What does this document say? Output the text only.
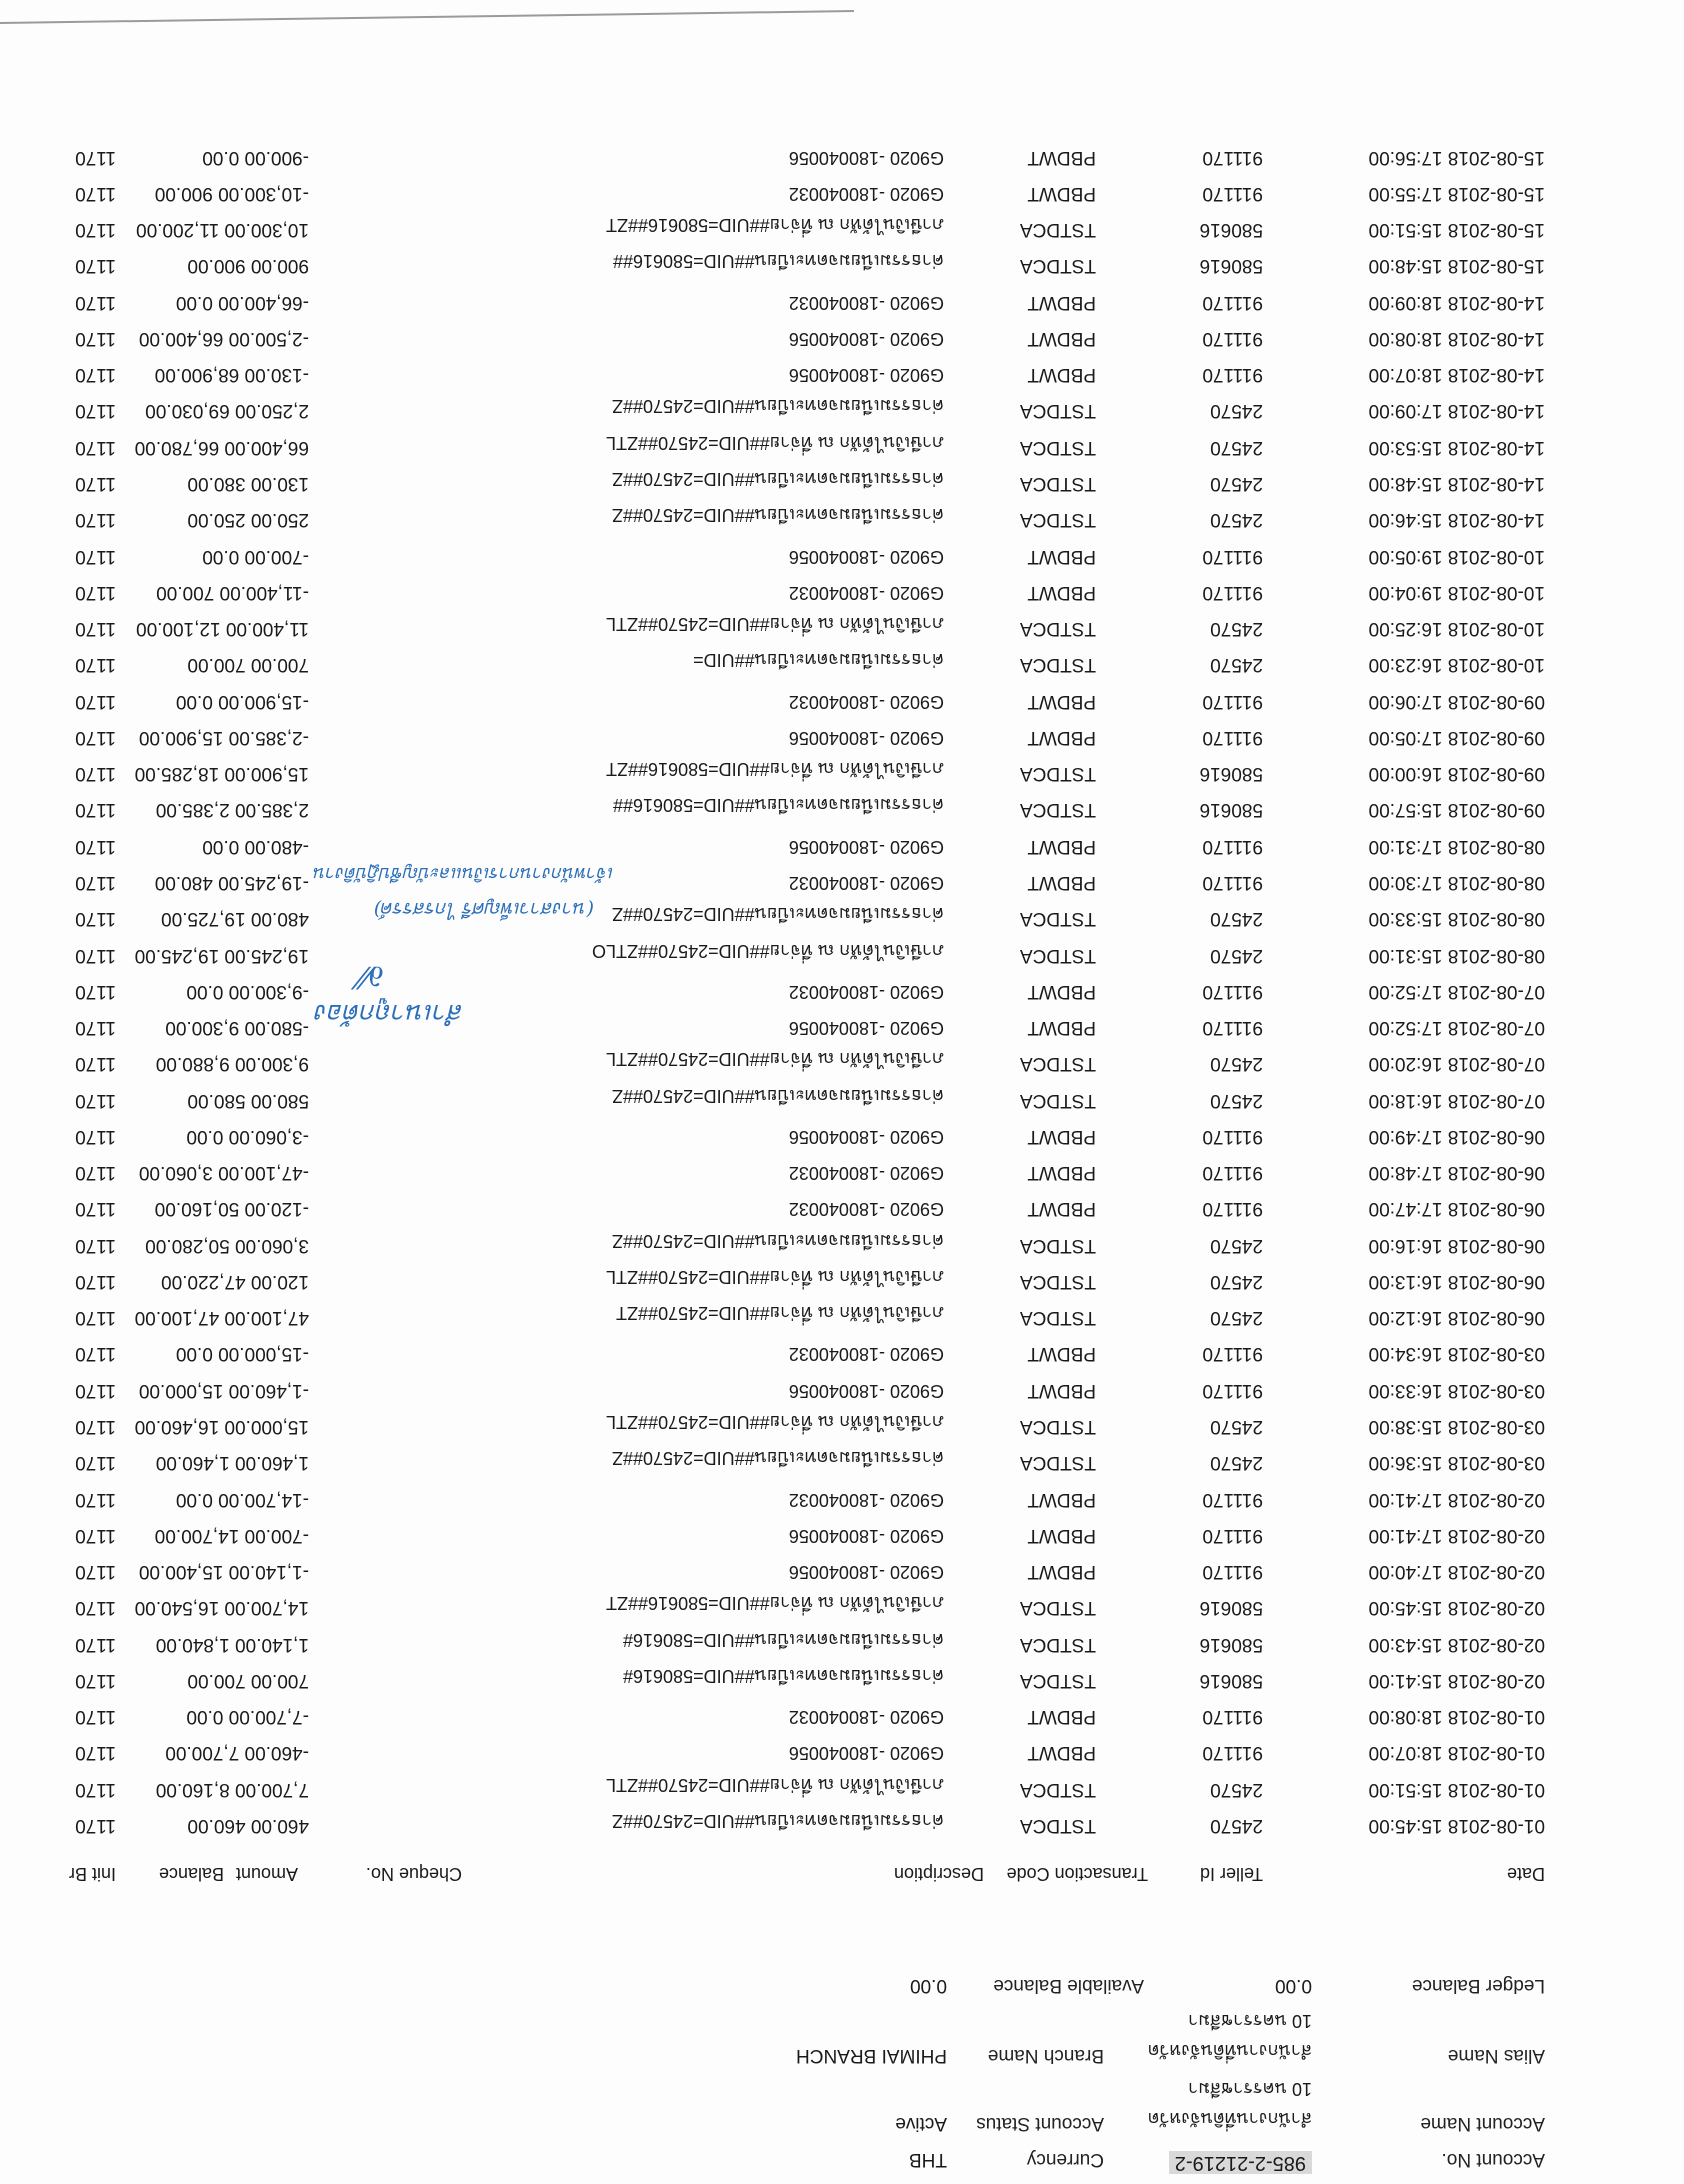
Account No.
985-2-21219-2
Currency
THB
Account Name
สำนักงานที่ดินจังหวัด
10 นครราชสีมา
Account Status
Active
Alias Name
สำนักงานที่ดินจังหวัด
10 นครราชสีมา
Branch Name
PHIMAI BRANCH
Ledger Balance
0.00
Available Balance
0.00
Date
Teller Id
Transaction Code
Description
Cheque No.
Amount
Balance
Init Br
01-08-2018 15:45:00
24570
TSTDCA
ค่าธรรมเนียมจดทะเบียน##UID=24570##Z
460.00 460.00
1170
01-08-2018 15:51:00
24570
TSTDCA
ภาษีเงินได้หัก ณ ที่จ่าย##UID=24570##ZTL
7,700.00 8,160.00
1170
01-08-2018 18:07:00
911170
PBDWT
G9020 -180040056
-460.00 7,700.00
1170
01-08-2018 18:08:00
911170
PBDWT
G9020 -180040032
-7,700.00 0.00
1170
02-08-2018 15:41:00
580616
TSTDCA
ค่าธรรมเนียมจดทะเบียน##UID=580616#
700.00 700.00
1170
02-08-2018 15:43:00
580616
TSTDCA
ค่าธรรมเนียมจดทะเบียน##UID=580616#
1,140.00 1,840.00
1170
02-08-2018 15:45:00
580616
TSTDCA
ภาษีเงินได้หัก ณ ที่จ่าย##UID=580616##ZT
14,700.00 16,540.00
1170
02-08-2018 17:40:00
911170
PBDWT
G9020 -180040056
-1,140.00 15,400.00
1170
02-08-2018 17:41:00
911170
PBDWT
G9020 -180040056
-700.00 14,700.00
1170
02-08-2018 17:41:00
911170
PBDWT
G9020 -180040032
-14,700.00 0.00
1170
03-08-2018 15:36:00
24570
TSTDCA
ค่าธรรมเนียมจดทะเบียน##UID=24570##Z
1,460.00 1,460.00
1170
03-08-2018 15:38:00
24570
TSTDCA
ภาษีเงินได้หัก ณ ที่จ่าย##UID=24570##ZTL
15,000.00 16,460.00
1170
03-08-2018 16:33:00
911170
PBDWT
G9020 -180040056
-1,460.00 15,000.00
1170
03-08-2018 16:34:00
911170
PBDWT
G9020 -180040032
-15,000.00 0.00
1170
06-08-2018 16:12:00
24570
TSTDCA
ภาษีเงินได้หัก ณ ที่จ่าย##UID=24570##ZT
47,100.00 47,100.00
1170
06-08-2018 16:13:00
24570
TSTDCA
ภาษีเงินได้หัก ณ ที่จ่าย##UID=24570##ZTL
120.00 47,220.00
1170
06-08-2018 16:16:00
24570
TSTDCA
ค่าธรรมเนียมจดทะเบียน##UID=24570##Z
3,060.00 50,280.00
1170
06-08-2018 17:47:00
911170
PBDWT
G9020 -180040032
-120.00 50,160.00
1170
06-08-2018 17:48:00
911170
PBDWT
G9020 -180040032
-47,100.00 3,060.00
1170
06-08-2018 17:49:00
911170
PBDWT
G9020 -180040056
-3,060.00 0.00
1170
07-08-2018 16:18:00
24570
TSTDCA
ค่าธรรมเนียมจดทะเบียน##UID=24570##Z
580.00 580.00
1170
07-08-2018 16:20:00
24570
TSTDCA
ภาษีเงินได้หัก ณ ที่จ่าย##UID=24570##ZTL
9,300.00 9,880.00
1170
07-08-2018 17:52:00
911170
PBDWT
G9020 -180040056
-580.00 9,300.00
1170
07-08-2018 17:52:00
911170
PBDWT
G9020 -180040032
-9,300.00 0.00
1170
08-08-2018 15:31:00
24570
TSTDCA
ภาษีเงินได้หัก ณ ที่จ่าย##UID=24570##ZTLO
19,245.00 19,245.00
1170
08-08-2018 15:33:00
24570
TSTDCA
ค่าธรรมเนียมจดทะเบียน##UID=24570##Z
480.00 19,725.00
1170
08-08-2018 17:30:00
911170
PBDWT
G9020 -180040032
-19,245.00 480.00
1170
08-08-2018 17:31:00
911170
PBDWT
G9020 -180040056
-480.00 0.00
1170
09-08-2018 15:57:00
580616
TSTDCA
ค่าธรรมเนียมจดทะเบียน##UID=580616##
2,385.00 2,385.00
1170
09-08-2018 16:00:00
580616
TSTDCA
ภาษีเงินได้หัก ณ ที่จ่าย##UID=580616##ZT
15,900.00 18,285.00
1170
09-08-2018 17:05:00
911170
PBDWT
G9020 -180040056
-2,385.00 15,900.00
1170
09-08-2018 17:06:00
911170
PBDWT
G9020 -180040032
-15,900.00 0.00
1170
10-08-2018 16:23:00
24570
TSTDCA
ค่าธรรมเนียมจดทะเบียน##UID=
700.00 700.00
1170
10-08-2018 16:25:00
24570
TSTDCA
ภาษีเงินได้หัก ณ ที่จ่าย##UID=24570##ZTL
11,400.00 12,100.00
1170
10-08-2018 19:04:00
911170
PBDWT
G9020 -180040032
-11,400.00 700.00
1170
10-08-2018 19:05:00
911170
PBDWT
G9020 -180040056
-700.00 0.00
1170
14-08-2018 15:46:00
24570
TSTDCA
ค่าธรรมเนียมจดทะเบียน##UID=24570##Z
250.00 250.00
1170
14-08-2018 15:48:00
24570
TSTDCA
ค่าธรรมเนียมจดทะเบียน##UID=24570##Z
130.00 380.00
1170
14-08-2018 15:53:00
24570
TSTDCA
ภาษีเงินได้หัก ณ ที่จ่าย##UID=24570##ZTL
66,400.00 66,780.00
1170
14-08-2018 17:09:00
24570
TSTDCA
ค่าธรรมเนียมจดทะเบียน##UID=24570##Z
2,250.00 69,030.00
1170
14-08-2018 18:07:00
911170
PBDWT
G9020 -180040056
-130.00 68,900.00
1170
14-08-2018 18:08:00
911170
PBDWT
G9020 -180040056
-2,500.00 66,400.00
1170
14-08-2018 18:09:00
911170
PBDWT
G9020 -180040032
-66,400.00 0.00
1170
15-08-2018 15:48:00
580616
TSTDCA
ค่าธรรมเนียมจดทะเบียน##UID=580616##
900.00 900.00
1170
15-08-2018 15:51:00
580616
TSTDCA
ภาษีเงินได้หัก ณ ที่จ่าย##UID=580616##ZT
10,300.00 11,200.00
1170
15-08-2018 17:55:00
911170
PBDWT
G9020 -180040032
-10,300.00 900.00
1170
15-08-2018 17:56:00
911170
PBDWT
G9020 -180040056
-900.00 0.00
1170
สำเนาถูกต้อง
∂⁄⁄
(นางสาวเพ็ญศรี ไกรสรรค์)
เจ้าพนักงานการเงินและบัญชีปฏิบัติงาน
